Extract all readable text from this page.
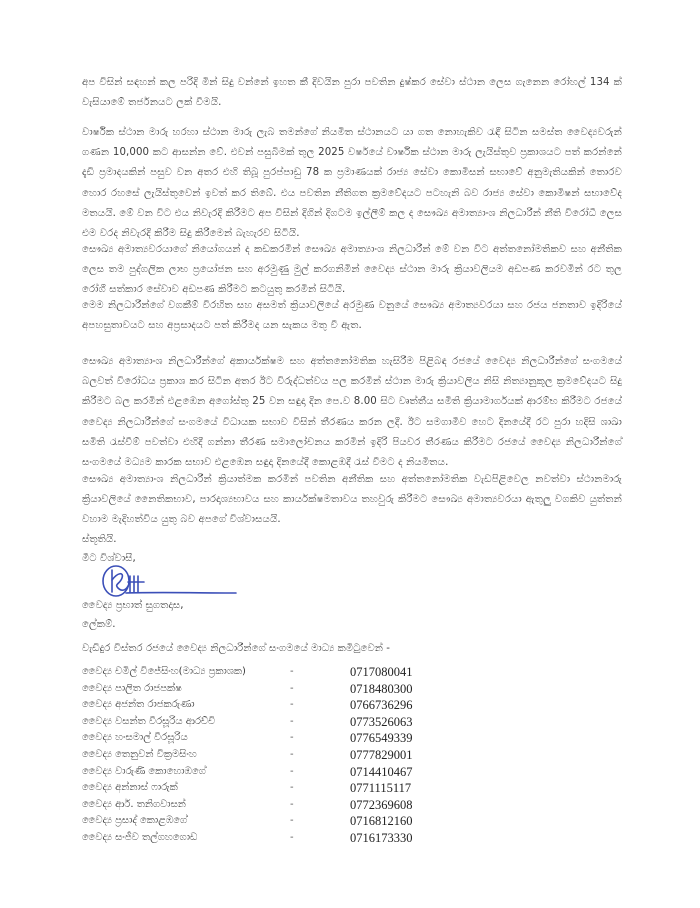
අප විසින් සඳහන් කල පරිදි මින් සිදු වන්නේ ඉහත කී දිවයින පුරා පවතින දුෂ්කර සේවා ස්ථාන ලෙස ගැනෙන රෝහල් 134 ක් වැසියාමේ තර්ජනයට ලක් වීමයි.
වාර්ෂික ස්ථාන මාරු හරහා ස්ථාන මාරු ලැබ තමන්ගේ නියමිත ස්ථානයට යා ගත නොහැකිව රැඳී සිටින සමස්ත වෛද්‍යවරුන් ගණන 10,000 කට ආසන්න වේ. එවන් පසුබිමක් තුල 2025 වර්ෂයේ වාර්ෂික ස්ථාන මාරු ලැයිස්තුව ප්‍රකාශයට පත් කරන්නේ දැඩි ප්‍රමාදයකින් පසුව වන අතර එහි තිබූ පුරප්පාඩු 78 ක ප්‍රමාණයක් රාජ්‍ය සේවා කොමිසන් සභාවේ අනුමැතියකින් තොරව හොර රහසේ ලැයිස්තුවෙන් ඉවත් කර තිබේ. එය පවතින නීතිගත ක්‍රමවේදයට පටහැනි බව රාජ්‍ය සේවා කොමිෂන් සභාවේද මතයයි. මේ වන විට එය නිවැරදි කිරීමට අප විසින් දිගින් දිගටම ඉල්ලීම් කල ද සෞඛ්‍ය අමාත්‍යාංශ නිලධාරීන් නීති විරෝධී ලෙස එම වරද නිවැරදි කිරීම සිදු කිරීමෙන් බැහැරව සිටියි.
සෞඛ්‍ය අමාත්‍යවරයාගේ නියෝගයන් ද කඩකරමින් සෞඛ්‍ය අමාත්‍යාංශ නිලධාරීන් මේ වන විට අත්තනෝමතිකව සහ අනීතික ලෙස තම පුද්ගලික ලාභ ප්‍රයෝජන සහ අරමුණු මුල් කරගනිමින් වෛද්‍ය ස්ථාන මාරු ක්‍රියාවලියම අඩපණ කරවමින් රට තුල රෝගී සත්කාර සේවාව අඩපණ කිරීමට කටයුතු කරමින් සිටියි.
මෙම නිලධාරීන්ගේ වගකීම් විරහිත සහ අසමත් ක්‍රියාවලියේ අරමුණ වනුයේ සෞඛ්‍ය අමාත්‍යවරයා සහ රජය ජනතාව ඉදිරියේ අපහසුතාවයට සහ අප්‍රසාදයට පත් කිරීමද යන සැකය මතු වී ඇත.
සෞඛ්‍ය අමාත්‍යාංශ නිලධාරීන්ගේ අකාර්යක්ෂම සහ අත්තනෝමතික හැසිරීම පිළිබඳ රජයේ වෛද්‍ය නිලධාරීන්ගේ සංගමයේ බලවත් විරෝධය ප්‍රකාශ කර සිටින අතර ඊට විරුද්ධත්වය පල කරමින් ස්ථාන මාරු ක්‍රියාවලිය නිසි නිත්‍යානුකූල ක්‍රමවේදයට සිදු කිරීමට බල කරමින් එළඹෙන අගෝස්තු 25 වන සඳුදා දින පෙ.ව 8.00 සිට වෘත්තීය සමිති ක්‍රියාමාර්ගයක් ආරම්භ කිරීමට රජයේ වෛද්‍ය නිලධාරීන්ගේ සංගමයේ විධායක සභාව විසින් තීරණය කරන ලදී. ඊට සමගාමීව හෙට දිනයේදී රට පුරා හදිසි ශාඛා සමිති රැස්වීම් පවත්වා එහිදී ගන්නා තීරණ සමාලෝචනය කරමින් ඉදිරි පියවර තීරණය කිරීමට රජයේ වෛද්‍ය නිලධාරීන්ගේ සංගමයේ මධ්‍යම කාරක සභාව එළඹෙන සඳුදා දිනයේදී කොළඹදී රැස් වීමට ද නියමිතය.
සෞඛ්‍ය අමාත්‍යාංශ නිලධාරීන් ක්‍රියාත්මක කරමින් පවතින අනීතික සහ අත්තනෝමතික වැඩපිළිවෙල නවත්වා ස්ථානමාරු ක්‍රියාවලියේ නෛතිකභාව, පාරදෘශ්‍යභාවය සහ කාර්යක්ෂමතාවය තහවුරු කිරීමට සෞඛ්‍ය අමාත්‍යවරයා ඇතුලු වගකිව යුත්තන් වහාම මැදිහත්විය යුතු බව අපගේ විශ්වාසයයි.
ස්තූතියි.
මීට විශ්වාසී,
වෛද්‍ය ප්‍රභාත් සුගතදාස,
ලේකම්.
වැඩිදුර විස්තර රජයේ වෛද්‍ය නිලධාරීන්ගේ සංගමයේ මාධ්‍ය කමිටුවෙන් -
වෛද්‍ය චමිල් විජේසිංහ(මාධ්‍ය ප්‍රකාශක)	-	0717080041
වෛද්‍ය පාලිත රාජපක්ෂ	-	0718480300
වෛද්‍ය අජන්ත රාජකරුණා	-	0766736296
වෛද්‍ය වසන්ත වීරසූරිය ආරච්චි	-	0773526063
වෛද්‍ය හංසමාල් වීරසූරිය	-	0776549339
වෛද්‍ය තෙනුවන් වික්‍රමසිංහ	-	0777829001
වෛද්‍ය වාරුණි කොහොඹගේ	-	0714410467
වෛද්‍ය අන්නාස් ෆාරුක්	-	0771115117
වෛද්‍ය ආර්. තනිගවාසන්	-	0772369608
වෛද්‍ය ප්‍රසාද් කොළඹගේ	-	0716812160
වෛද්‍ය සංජීව තල්ගහගොඩ	-	0716173330
